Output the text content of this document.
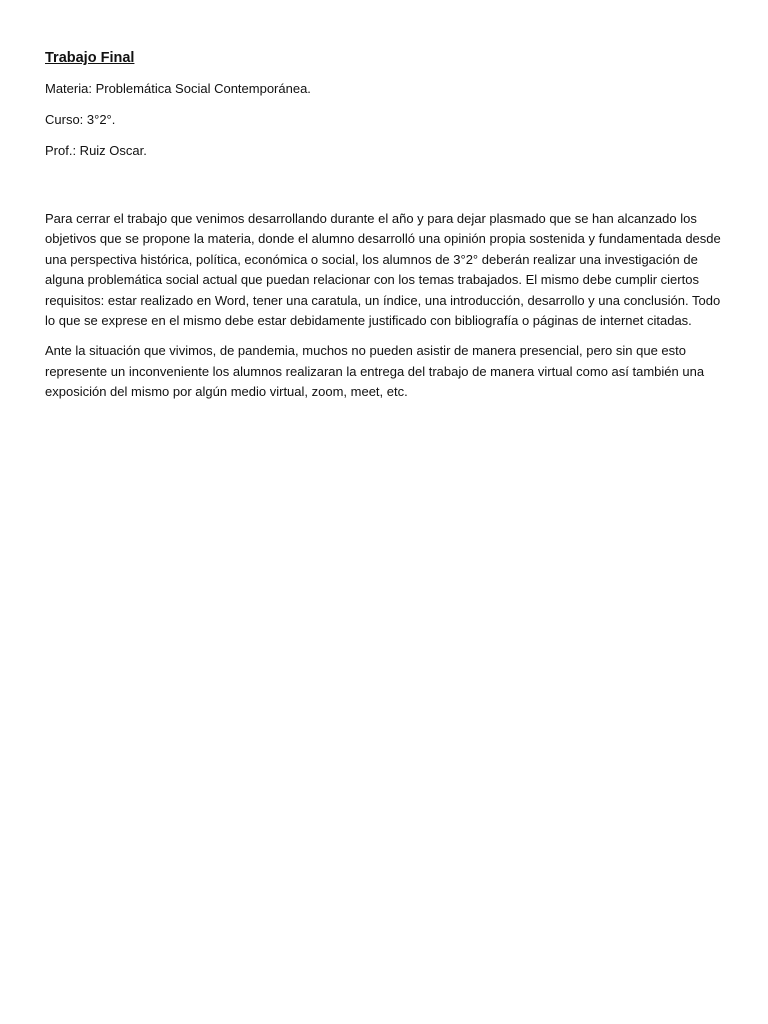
Trabajo Final
Materia: Problemática Social Contemporánea.
Curso: 3°2°.
Prof.: Ruiz Oscar.

Para cerrar el trabajo que venimos desarrollando durante el año y para dejar plasmado que se han alcanzado los objetivos que se propone la materia, donde el alumno desarrolló una opinión propia sostenida y fundamentada desde una perspectiva histórica, política, económica o social, los alumnos de 3°2° deberán realizar una investigación de alguna problemática social actual que puedan relacionar con los temas trabajados. El mismo debe cumplir ciertos requisitos: estar realizado en Word, tener una caratula, un índice, una introducción, desarrollo y una conclusión. Todo lo que se exprese en el mismo debe estar debidamente justificado con bibliografía o páginas de internet citadas.

Ante la situación que vivimos, de pandemia, muchos no pueden asistir de manera presencial, pero sin que esto represente un inconveniente los alumnos realizaran la entrega del trabajo de manera virtual como así también una exposición del mismo por algún medio virtual, zoom, meet, etc.
